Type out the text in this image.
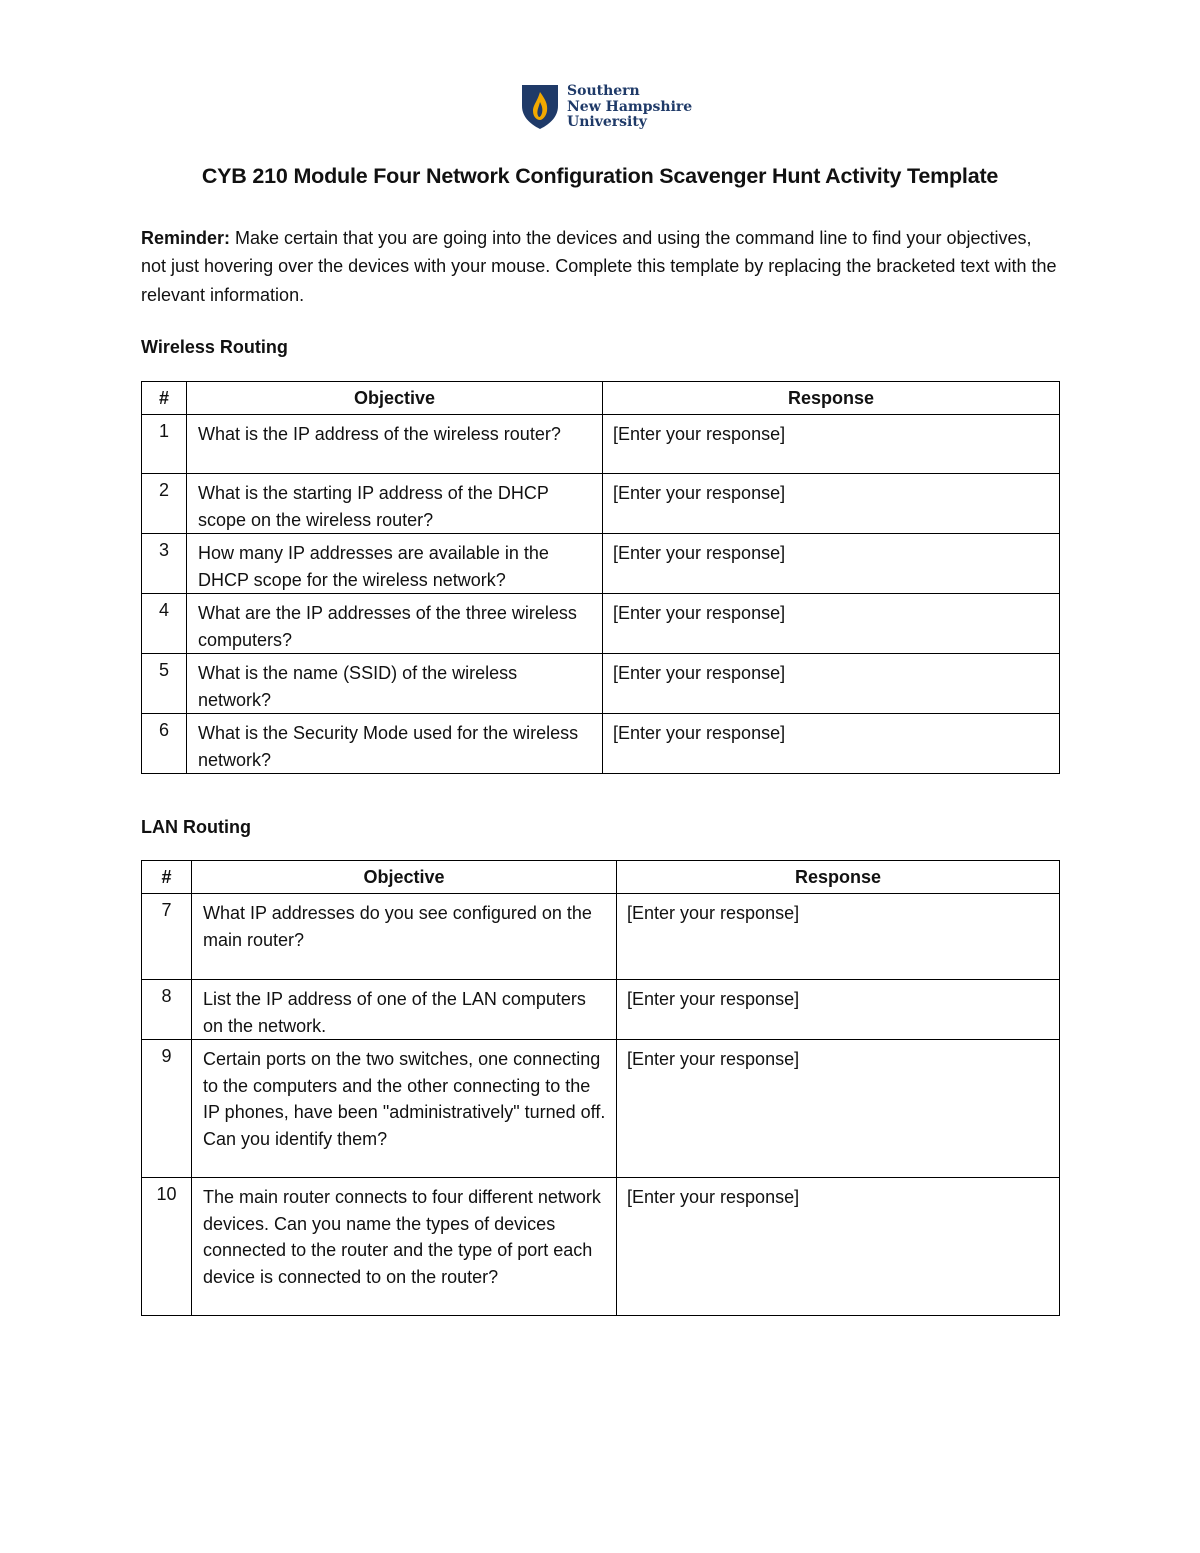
Southern
New Hampshire
University
CYB 210 Module Four Network Configuration Scavenger Hunt Activity Template
Reminder: Make certain that you are going into the devices and using the command line to find your objectives, not just hovering over the devices with your mouse. Complete this template by replacing the bracketed text with the relevant information.
Wireless Routing
#	Objective	Response
1	What is the IP address of the wireless router?	[Enter your response]
2	What is the starting IP address of the DHCP scope on the wireless router?	[Enter your response]
3	How many IP addresses are available in the DHCP scope for the wireless network?	[Enter your response]
4	What are the IP addresses of the three wireless computers?	[Enter your response]
5	What is the name (SSID) of the wireless network?	[Enter your response]
6	What is the Security Mode used for the wireless network?	[Enter your response]
LAN Routing
#	Objective	Response
7	What IP addresses do you see configured on the main router?	[Enter your response]
8	List the IP address of one of the LAN computers on the network.	[Enter your response]
9	Certain ports on the two switches, one connecting to the computers and the other connecting to the IP phones, have been "administratively" turned off. Can you identify them?	[Enter your response]
10	The main router connects to four different network devices. Can you name the types of devices connected to the router and the type of port each device is connected to on the router?	[Enter your response]
